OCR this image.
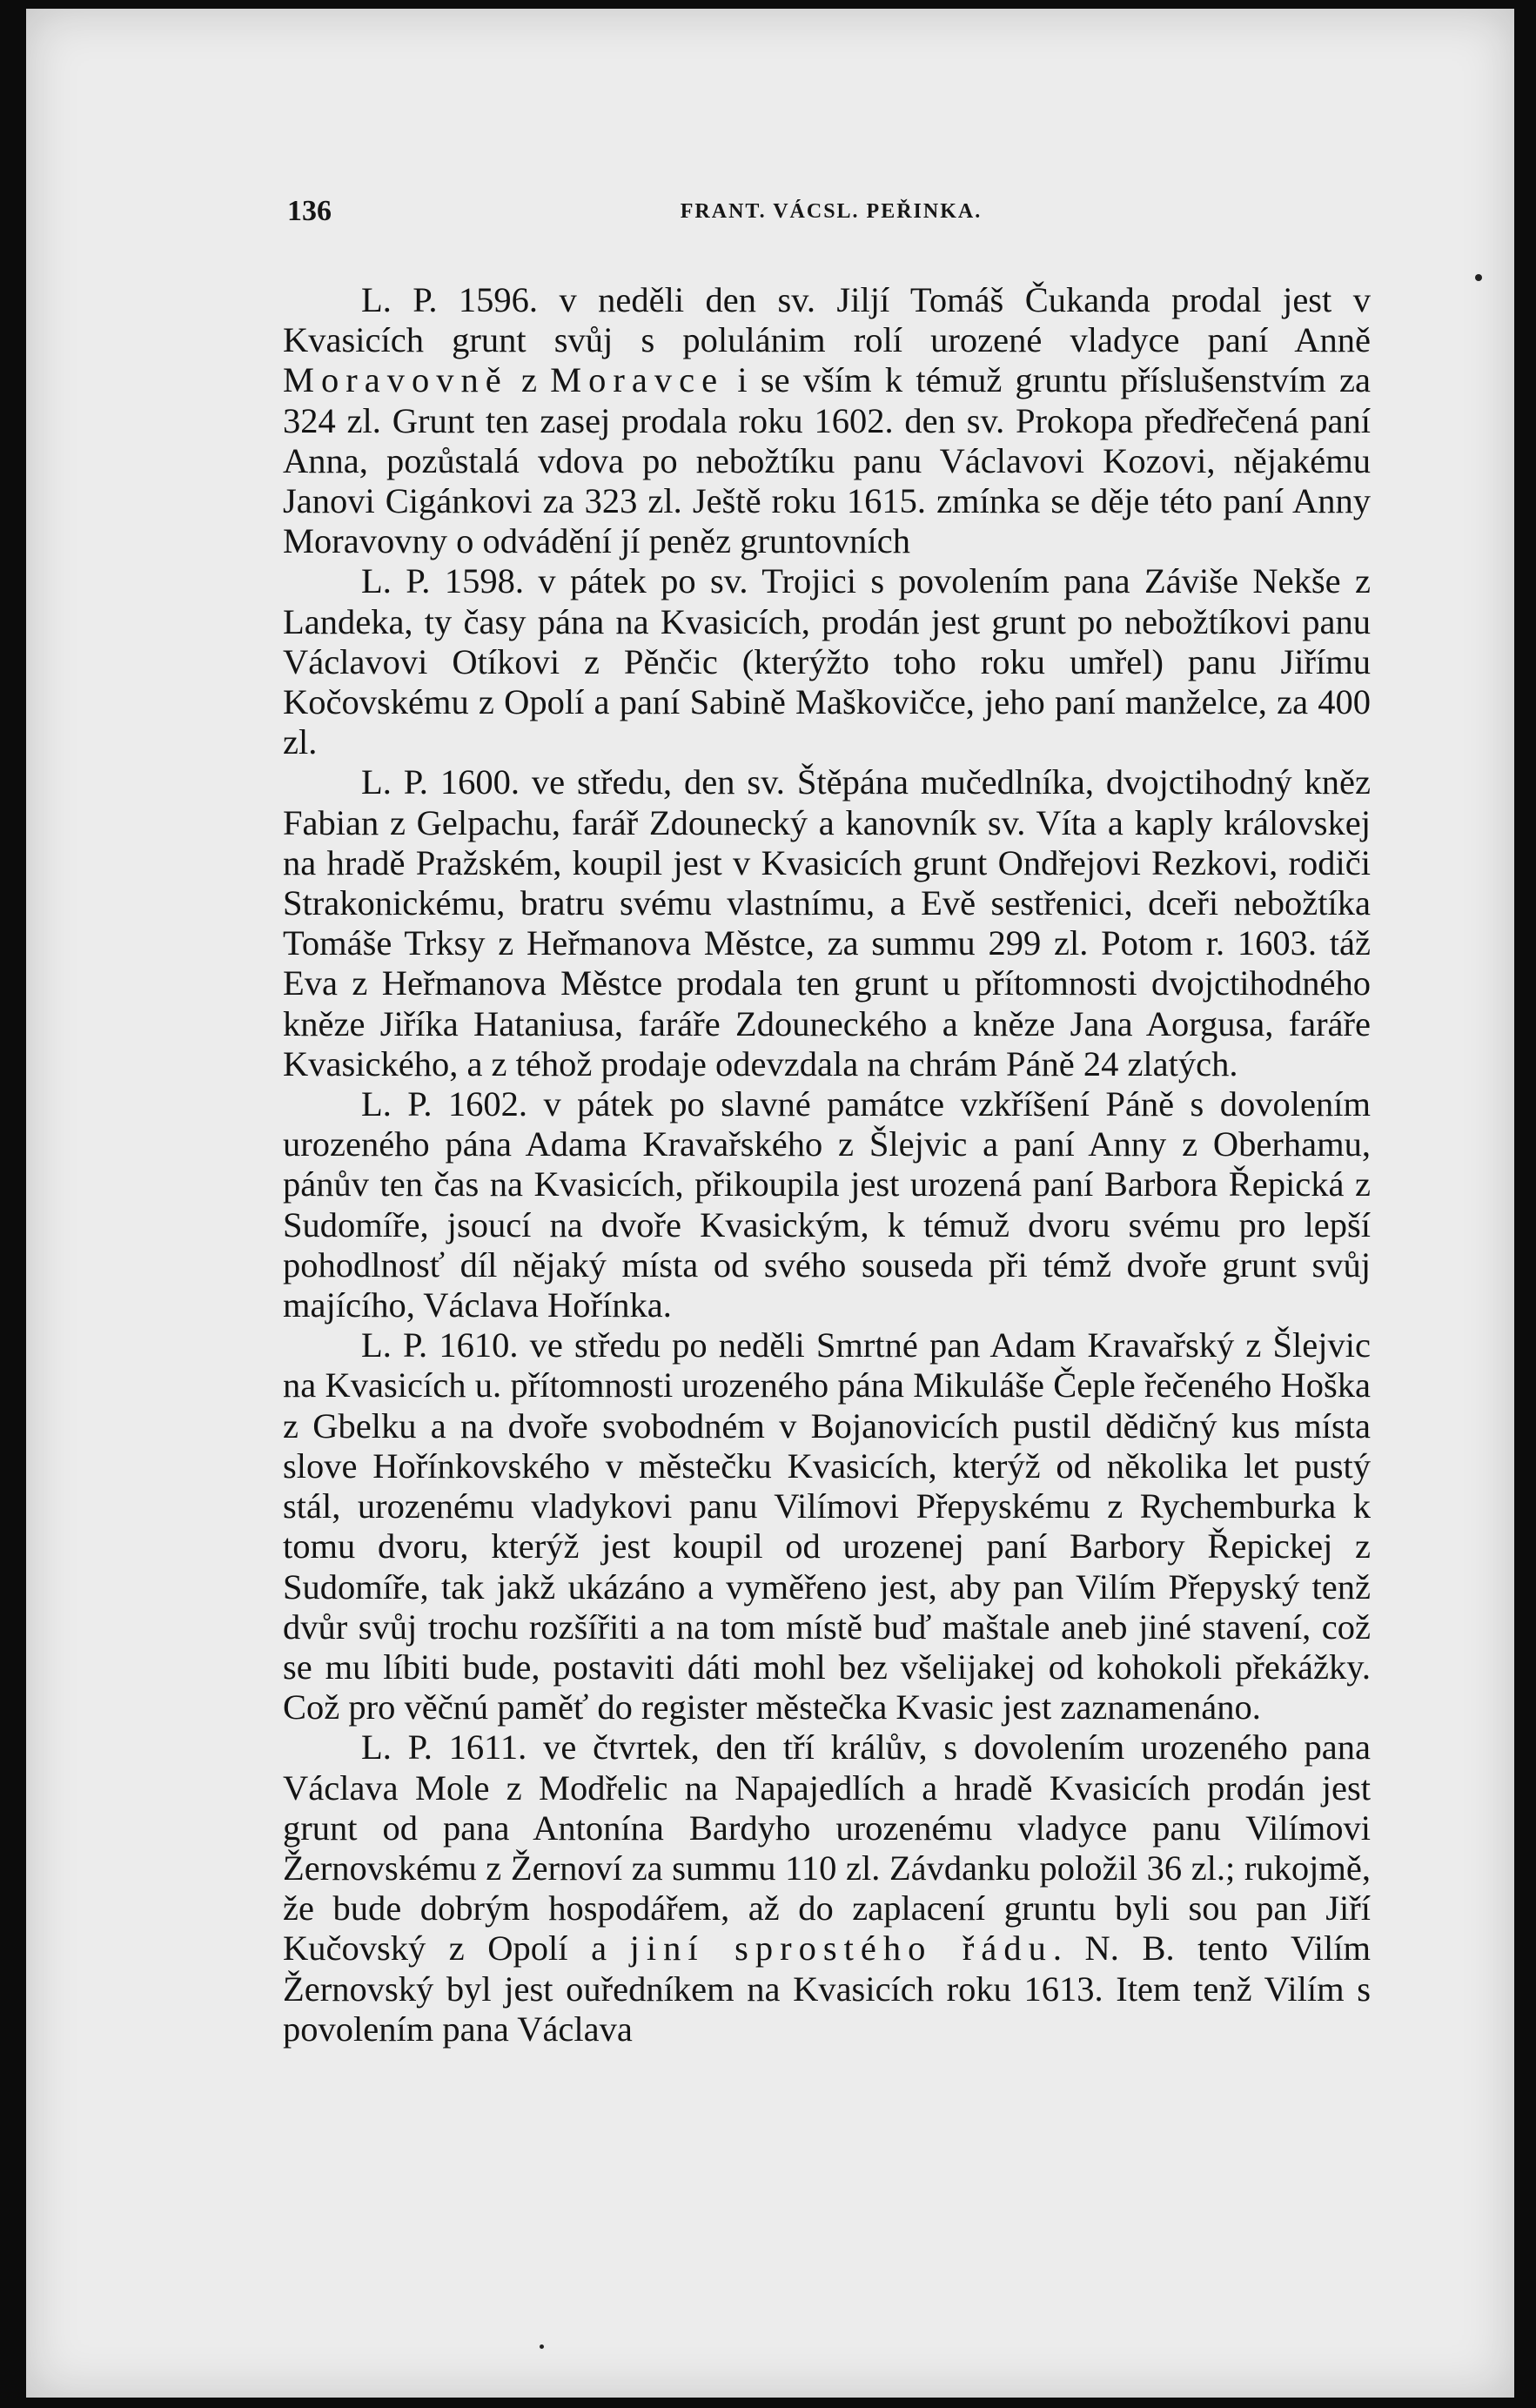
136	FRANT. VÁCSL. PEŘINKA.

L. P. 1596. v neděli den sv. Jiljí Tomáš Čukanda prodal jest v Kvasicích grunt svůj s polulánim rolí urozené vladyce paní Anně Moravovně z Moravce i se vším k témuž gruntu příslušenstvím za 324 zl. Grunt ten zasej prodala roku 1602. den sv. Prokopa předřečená paní Anna, pozůstalá vdova po nebožtíku panu Václavovi Kozovi, nějakému Janovi Cigánkovi za 323 zl. Ještě roku 1615. zmínka se děje této paní Anny Moravovny o odvádění jí peněz gruntovních

L. P. 1598. v pátek po sv. Trojici s povolením pana Záviše Nekše z Landeka, ty časy pána na Kvasicích, prodán jest grunt po nebožtíkovi panu Václavovi Otíkovi z Pěnčic (kterýžto toho roku umřel) panu Jiřímu Kočovskému z Opolí a paní Sabině Maškovičce, jeho paní manželce, za 400 zl.

L. P. 1600. ve středu, den sv. Štěpána mučedlníka, dvojctihodný kněz Fabian z Gelpachu, farář Zdounecký a kanovník sv. Víta a kaply královskej na hradě Pražském, koupil jest v Kvasicích grunt Ondřejovi Rezkovi, rodiči Strakonickému, bratru svému vlastnímu, a Evě sestřenici, dceři nebožtíka Tomáše Trksy z Heřmanova Městce, za summu 299 zl. Potom r. 1603. táž Eva z Heřmanova Městce prodala ten grunt u přítomnosti dvojctihodného kněze Jiříka Hataniusa, faráře Zdouneckého a kněze Jana Aorgusa, faráře Kvasického, a z téhož prodaje odevzdala na chrám Páně 24 zlatých.

L. P. 1602. v pátek po slavné památce vzkříšení Páně s dovolením urozeného pána Adama Kravařského z Šlejvic a paní Anny z Oberhamu, pánův ten čas na Kvasicích, přikoupila jest urozená paní Barbora Řepická z Sudomíře, jsoucí na dvoře Kvasickým, k témuž dvoru svému pro lepší pohodlnosť díl nějaký místa od svého souseda při témž dvoře grunt svůj majícího, Václava Hořínka.

L. P. 1610. ve středu po neděli Smrtné pan Adam Kravařský z Šlejvic na Kvasicích u. přítomnosti urozeného pána Mikuláše Čeple řečeného Hoška z Gbelku a na dvoře svobodném v Bojanovicích pustil dědičný kus místa slove Hořínkovského v městečku Kvasicích, kterýž od několika let pustý stál, urozenému vladykovi panu Vilímovi Přepyskému z Rychemburka k tomu dvoru, kterýž jest koupil od urozenej paní Barbory Řepickej z Sudomíře, tak jakž ukázáno a vyměřeno jest, aby pan Vilím Přepyský tenž dvůr svůj trochu rozšířiti a na tom místě buď maštale aneb jiné stavení, což se mu líbiti bude, postaviti dáti mohl bez všelijakej od kohokoli překážky. Což pro věčnú paměť do register městečka Kvasic jest zaznamenáno.

L. P. 1611. ve čtvrtek, den tří králův, s dovolením urozeného pana Václava Mole z Modřelic na Napajedlích a hradě Kvasicích prodán jest grunt od pana Antonína Bardyho urozenému vladyce panu Vilímovi Žernovskému z Žernoví za summu 110 zl. Závdanku položil 36 zl.; rukojmě, že bude dobrým hospodářem, až do zaplacení gruntu byli sou pan Jiří Kučovský z Opolí a jiní sprostého řádu. N. B. tento Vilím Žernovský byl jest ouředníkem na Kvasicích roku 1613. Item tenž Vilím s povolením pana Václava
